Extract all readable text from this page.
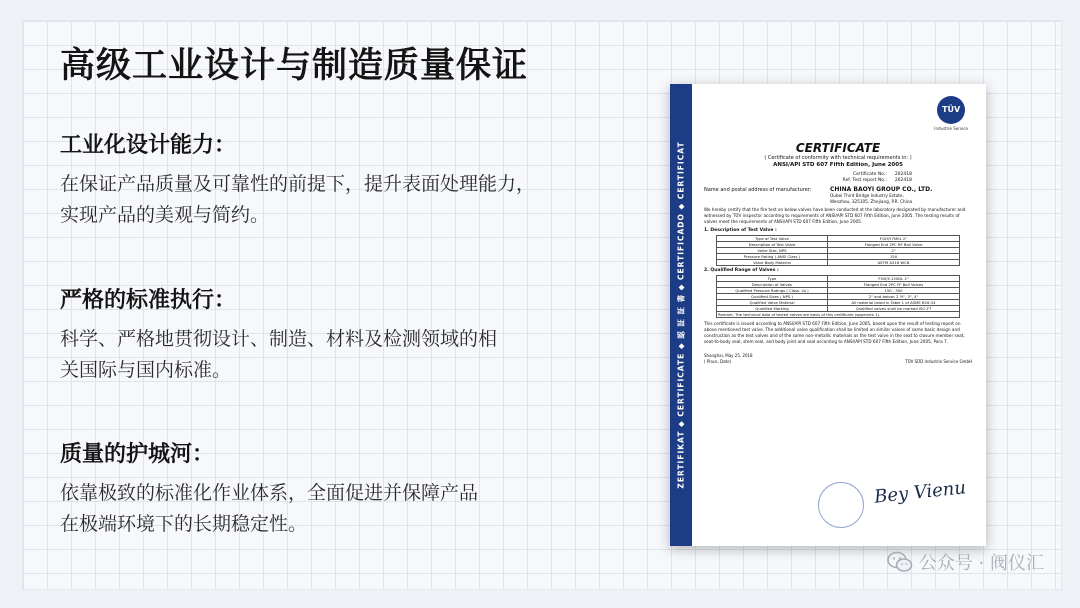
高级工业设计与制造质量保证
工业化设计能力：

在保证产品质量及可靠性的前提下，提升表面处理能力，

实现产品的美观与简约。

严格的标准执行：

科学、严格地贯彻设计、制造、材料及检测领域的相

关国际与国内标准。

质量的护城河：

依靠极致的标准化作业体系，全面促进并保障产品

在极端环境下的长期稳定性。

ZERTIFIKAT ◆ CERTIFICATE ◆ 認 証 証 書 ◆ CERTIFICADO ◆ CERTIFICAT
TÜV
Industrie Service
CERTIFICATE
( Certificate of conformity with technical requirements in: )
ANSI/API STD 607 Fifth Edition, June 2005
Certificate No.: 202418
Ref. Test report No.: 202418
Name and postal address of manufacturer:	CHINA BAOYI GROUP CO., LTD.
Oubei Third Bridge Industry Estate,
Wenzhou, 325105, Zhejiang, P.R. China
We hereby certify that the fire test on below valves have been conducted at the laboratory designated by manufacturer and witnessed by TÜV inspector according to requirements of ANSI/API STD 607 Fifth Edition, June 2005. The testing results of valves meet the requirements of ANSI/API STD 607 Fifth Edition, June 2005.
1. Description of Test Valve :
Type of Test Valve	FGH/Y7M0L 2"
Description of Test Valve	Flanged End 2PC RF Ball Valve
Valve Size, NPS	2"
Pressure Rating ( ANSI Class )	150
Valve Body Material	ASTM A216 WCB
2. Qualified Range of Valves :
Type	FGH/Y-150DL 2"
Description of Valves	Flanged End 2PC FF Ball Valves
Qualified Pressure Ratings ( Class. Lb )	150 , 300
Qualified Sizes ( NPS )	2" and below: 2 ½", 3", 4"
Qualified Valve Material	All material listed in Table 1 of ASME B16.34
Qualified Marking	Qualified valves shall be marked ISO-FT
Remark: The technical data of tested valves are basis of this certificate (appendix 1).	
This certificate is issued according to ANSI/API STD 607 Fifth Edition, June 2005, based upon the result of testing report on above mentioned test valve. The additional valve qualification shall be limited on similar valves of same basic design and construction as the test valves and of the same non-metallic materials as the test valve in the seat to closure member seat, seat-to-body seal, stem seal, and body joint and seal according to ANSI/API STD 607 Fifth Edition, June 2005, Para 7.
Shanghai, May 25, 2018
( Place, Date)	TÜV SÜD Industrie Service GmbH
Bey Vienu
公众号 · 阀仪汇
